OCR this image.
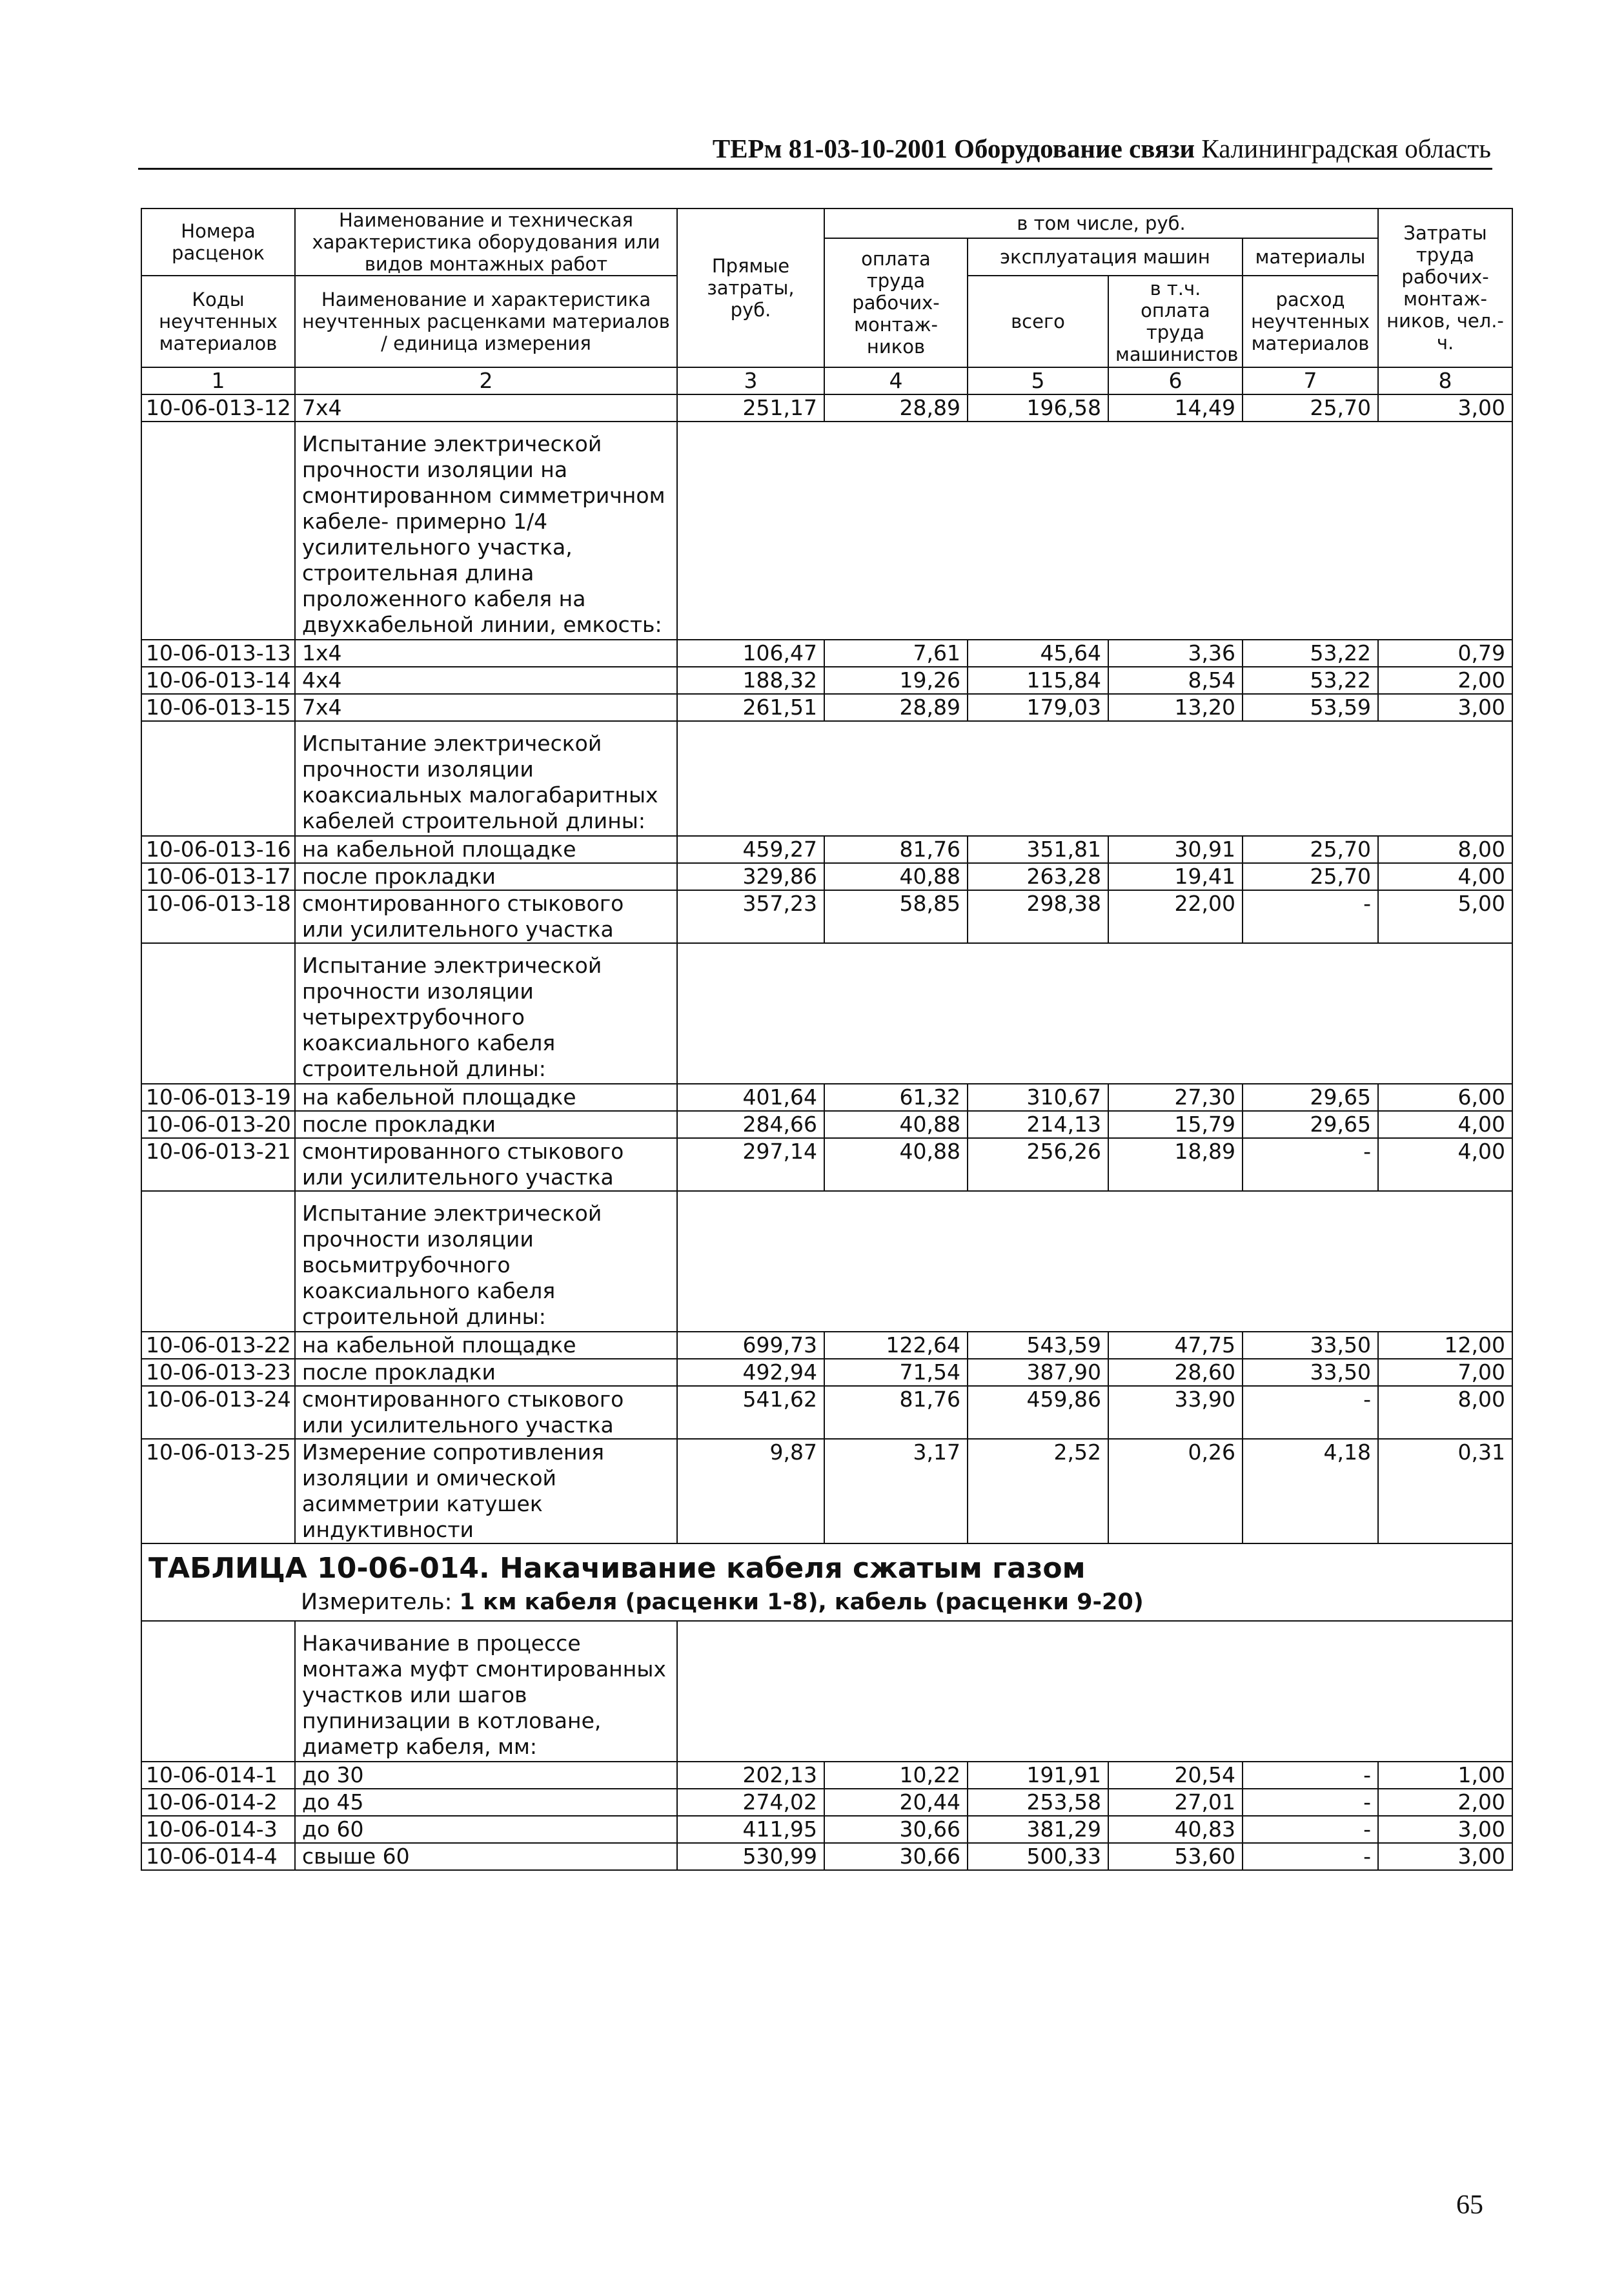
ТЕРм 81-03-10-2001 Оборудование связи Калининградская область
Номера расценок	Наименование и техническая характеристика оборудования или видов монтажных работ	Прямые затраты, руб.	в том числе, руб.				Затраты труда рабочих-монтаж-ников, чел.-ч.
			оплата труда рабочих-монтаж-ников	эксплуатация машин		материалы	
Коды неучтенных материалов	Наименование и характеристика неучтенных расценками материалов / единица измерения			всего	в т.ч. оплата труда машинистов	расход неучтенных материалов	

1	2	3	4	5	6	7	8
10-06-013-12	7x4	251,17	28,89	196,58	14,49	25,70	3,00
	Испытание электрической прочности изоляции на смонтированном симметричном кабеле- примерно 1/4 усилительного участка, строительная длина проложенного кабеля на двухкабельной линии, емкость:						
10-06-013-13	1x4	106,47	7,61	45,64	3,36	53,22	0,79
10-06-013-14	4x4	188,32	19,26	115,84	8,54	53,22	2,00
10-06-013-15	7x4	261,51	28,89	179,03	13,20	53,59	3,00
	Испытание электрической прочности изоляции коаксиальных малогабаритных кабелей строительной длины:						
10-06-013-16	на кабельной площадке	459,27	81,76	351,81	30,91	25,70	8,00
10-06-013-17	после прокладки	329,86	40,88	263,28	19,41	25,70	4,00
10-06-013-18	смонтированного стыкового или усилительного участка	357,23	58,85	298,38	22,00	-	5,00
	Испытание электрической прочности изоляции четырехтрубочного коаксиального кабеля строительной длины:						
10-06-013-19	на кабельной площадке	401,64	61,32	310,67	27,30	29,65	6,00
10-06-013-20	после прокладки	284,66	40,88	214,13	15,79	29,65	4,00
10-06-013-21	смонтированного стыкового или усилительного участка	297,14	40,88	256,26	18,89	-	4,00
	Испытание электрической прочности изоляции восьмитрубочного коаксиального кабеля строительной длины:						
10-06-013-22	на кабельной площадке	699,73	122,64	543,59	47,75	33,50	12,00
10-06-013-23	после прокладки	492,94	71,54	387,90	28,60	33,50	7,00
10-06-013-24	смонтированного стыкового или усилительного участка	541,62	81,76	459,86	33,90	-	8,00
10-06-013-25	Измерение сопротивления изоляции и омической асимметрии катушек индуктивности	9,87	3,17	2,52	0,26	4,18	0,31

ТАБЛИЦА 10-06-014. Накачивание кабеля сжатым газом
Измеритель: 1 км кабеля (расценки 1-8), кабель (расценки 9-20)							

	Накачивание в процессе монтажа муфт смонтированных участков или шагов пупинизации в котловане, диаметр кабеля, мм:						
10-06-014-1	до 30	202,13	10,22	191,91	20,54	-	1,00
10-06-014-2	до 45	274,02	20,44	253,58	27,01	-	2,00
10-06-014-3	до 60	411,95	30,66	381,29	40,83	-	3,00
10-06-014-4	свыше 60	530,99	30,66	500,33	53,60	-	3,00
65
